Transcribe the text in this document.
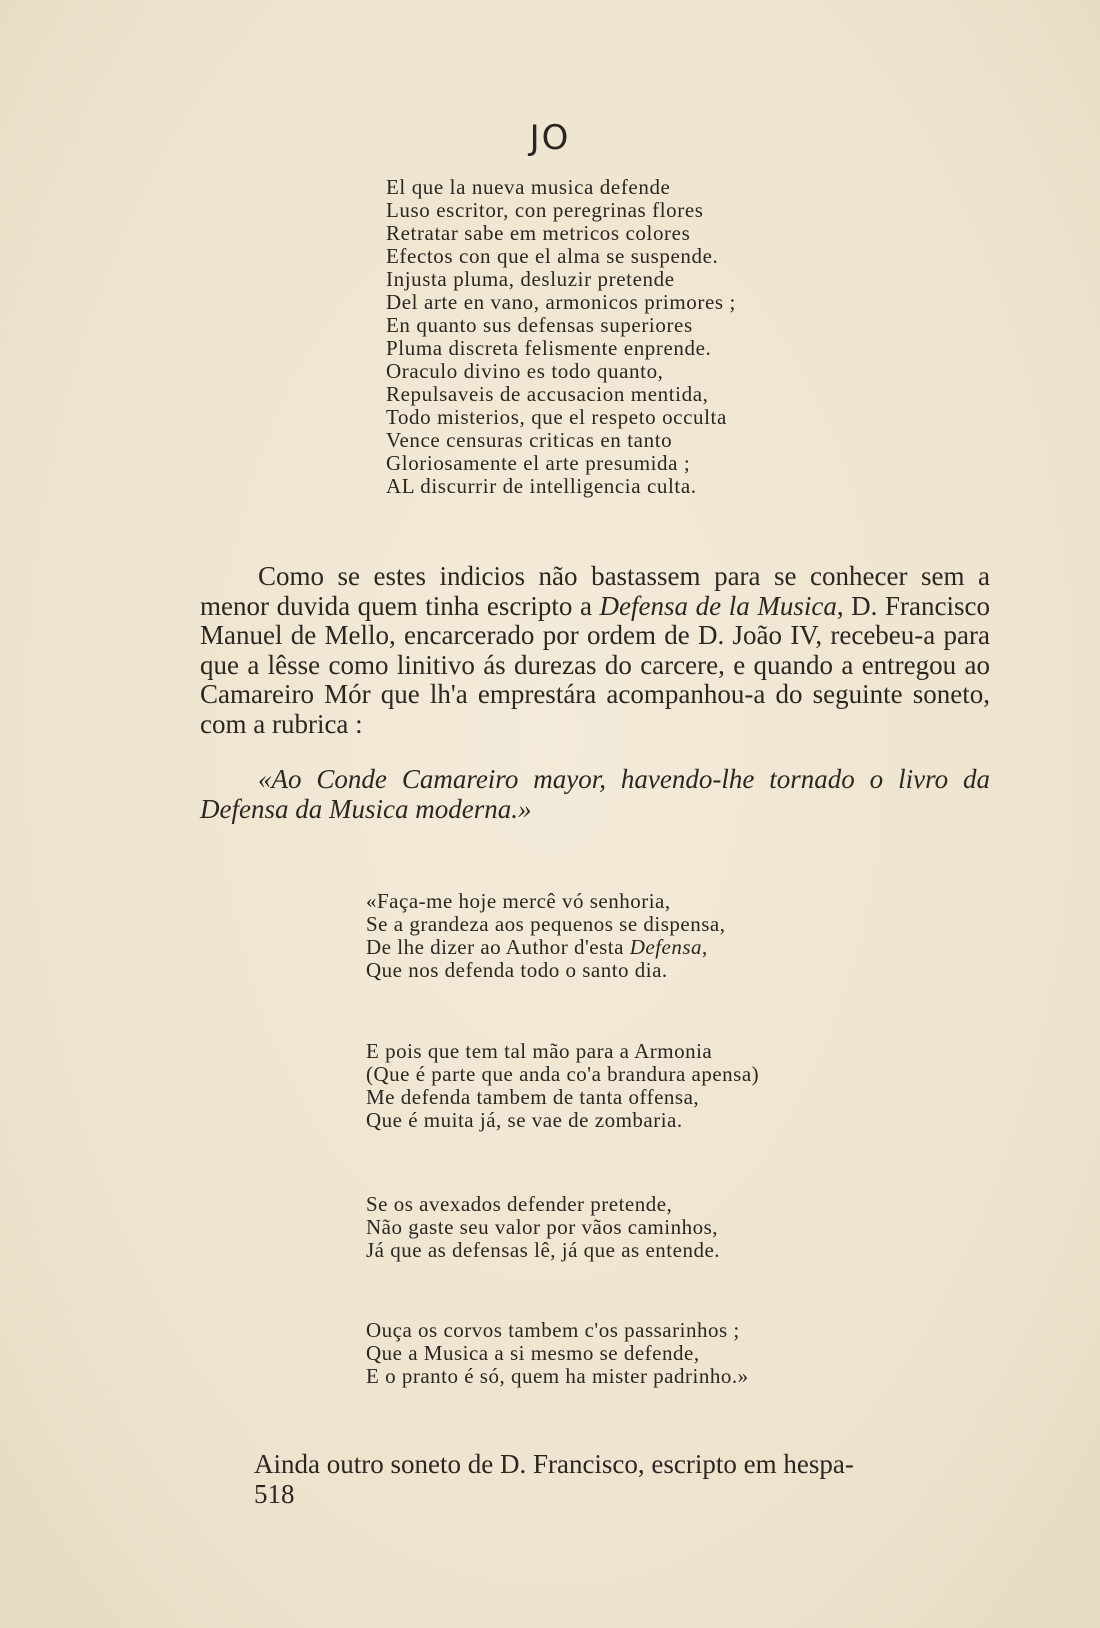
JO
El que la nueva musica defende
Luso escritor, con peregrinas flores
Retratar sabe em metricos colores
Efectos con que el alma se suspende.
Injusta pluma, desluzir pretende
Del arte en vano, armonicos primores ;
En quanto sus defensas superiores
Pluma discreta felismente enprende.
Oraculo divino es todo quanto,
Repulsaveis de accusacion mentida,
Todo misterios, que el respeto occulta
Vence censuras criticas en tanto
Gloriosamente el arte presumida ;
AL discurrir de intelligencia culta.

Como se estes indicios não bastassem para se conhecer sem a menor duvida quem tinha escripto a Defensa de la Musica, D. Francisco Manuel de Mello, encarcerado por ordem de D. João IV, recebeu-a para que a lêsse como linitivo ás durezas do carcere, e quando a entregou ao Camareiro Mór que lh'a emprestára acompanhou-a do seguinte soneto, com a rubrica :

«Ao Conde Camareiro mayor, havendo-lhe tornado o livro da Defensa da Musica moderna.»

«Faça-me hoje mercê vó senhoria,
Se a grandeza aos pequenos se dispensa,
De lhe dizer ao Author d'esta Defensa,
Que nos defenda todo o santo dia.
E pois que tem tal mão para a Armonia
(Que é parte que anda co'a brandura apensa)
Me defenda tambem de tanta offensa,
Que é muita já, se vae de zombaria.
Se os avexados defender pretende,
Não gaste seu valor por vãos caminhos,
Já que as defensas lê, já que as entende.
Ouça os corvos tambem c'os passarinhos ;
Que a Musica a si mesmo se defende,
E o pranto é só, quem ha mister padrinho.»
Ainda outro soneto de D. Francisco, escripto em hespa-
518
